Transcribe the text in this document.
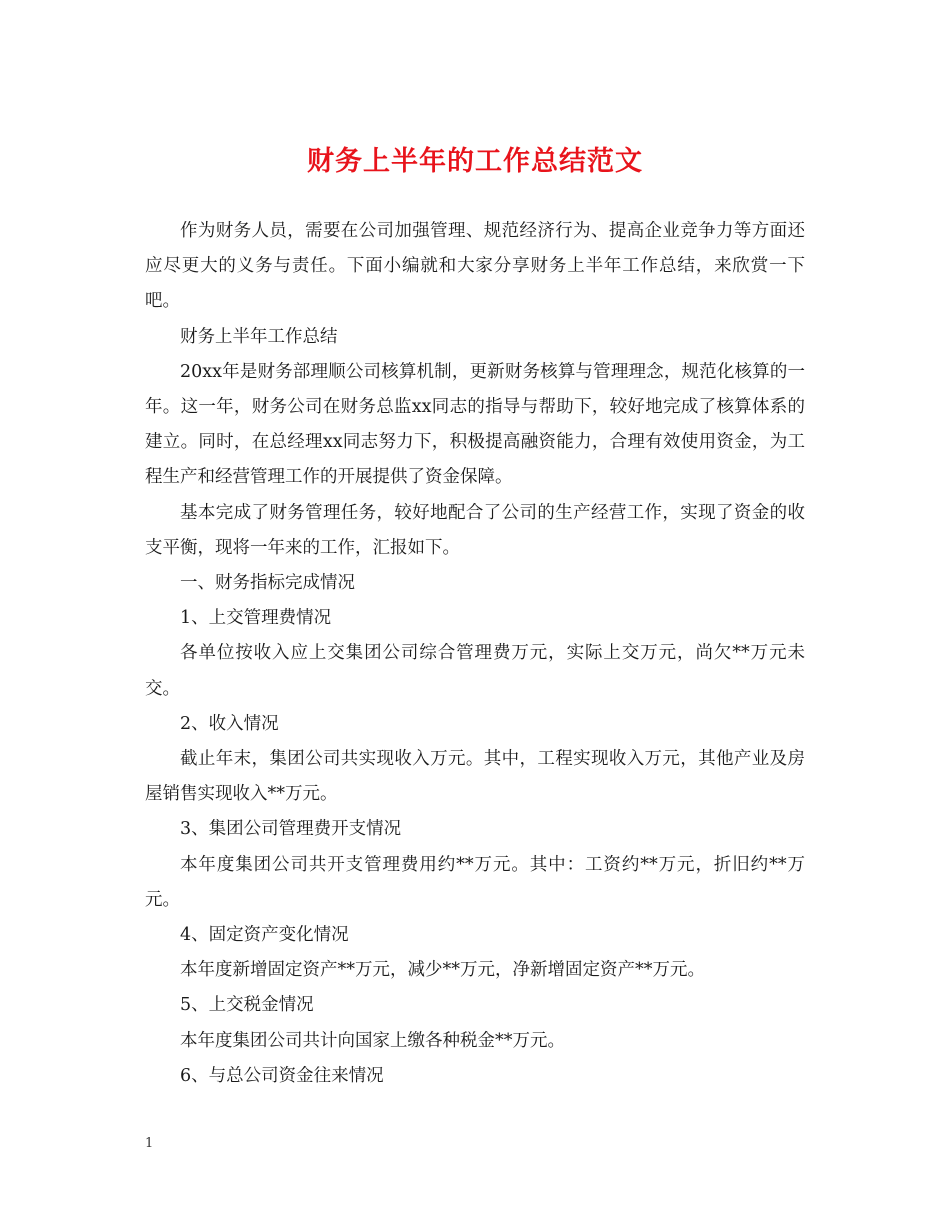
财务上半年的工作总结范文

作为财务人员，需要在公司加强管理、规范经济行为、提高企业竞争力等方面还应尽更大的义务与责任。下面小编就和大家分享财务上半年工作总结，来欣赏一下吧。

财务上半年工作总结

20xx年是财务部理顺公司核算机制，更新财务核算与管理理念，规范化核算的一年。这一年，财务公司在财务总监xx同志的指导与帮助下，较好地完成了核算体系的建立。同时，在总经理xx同志努力下，积极提高融资能力，合理有效使用资金，为工程生产和经营管理工作的开展提供了资金保障。

基本完成了财务管理任务，较好地配合了公司的生产经营工作，实现了资金的收支平衡，现将一年来的工作，汇报如下。

一、财务指标完成情况

1、上交管理费情况

各单位按收入应上交集团公司综合管理费万元，实际上交万元，尚欠**万元未交。

2、收入情况

截止年末，集团公司共实现收入万元。其中，工程实现收入万元，其他产业及房屋销售实现收入**万元。

3、集团公司管理费开支情况

本年度集团公司共开支管理费用约**万元。其中：工资约**万元，折旧约**万元。

4、固定资产变化情况

本年度新增固定资产**万元，减少**万元，净新增固定资产**万元。

5、上交税金情况

本年度集团公司共计向国家上缴各种税金**万元。

6、与总公司资金往来情况

1
